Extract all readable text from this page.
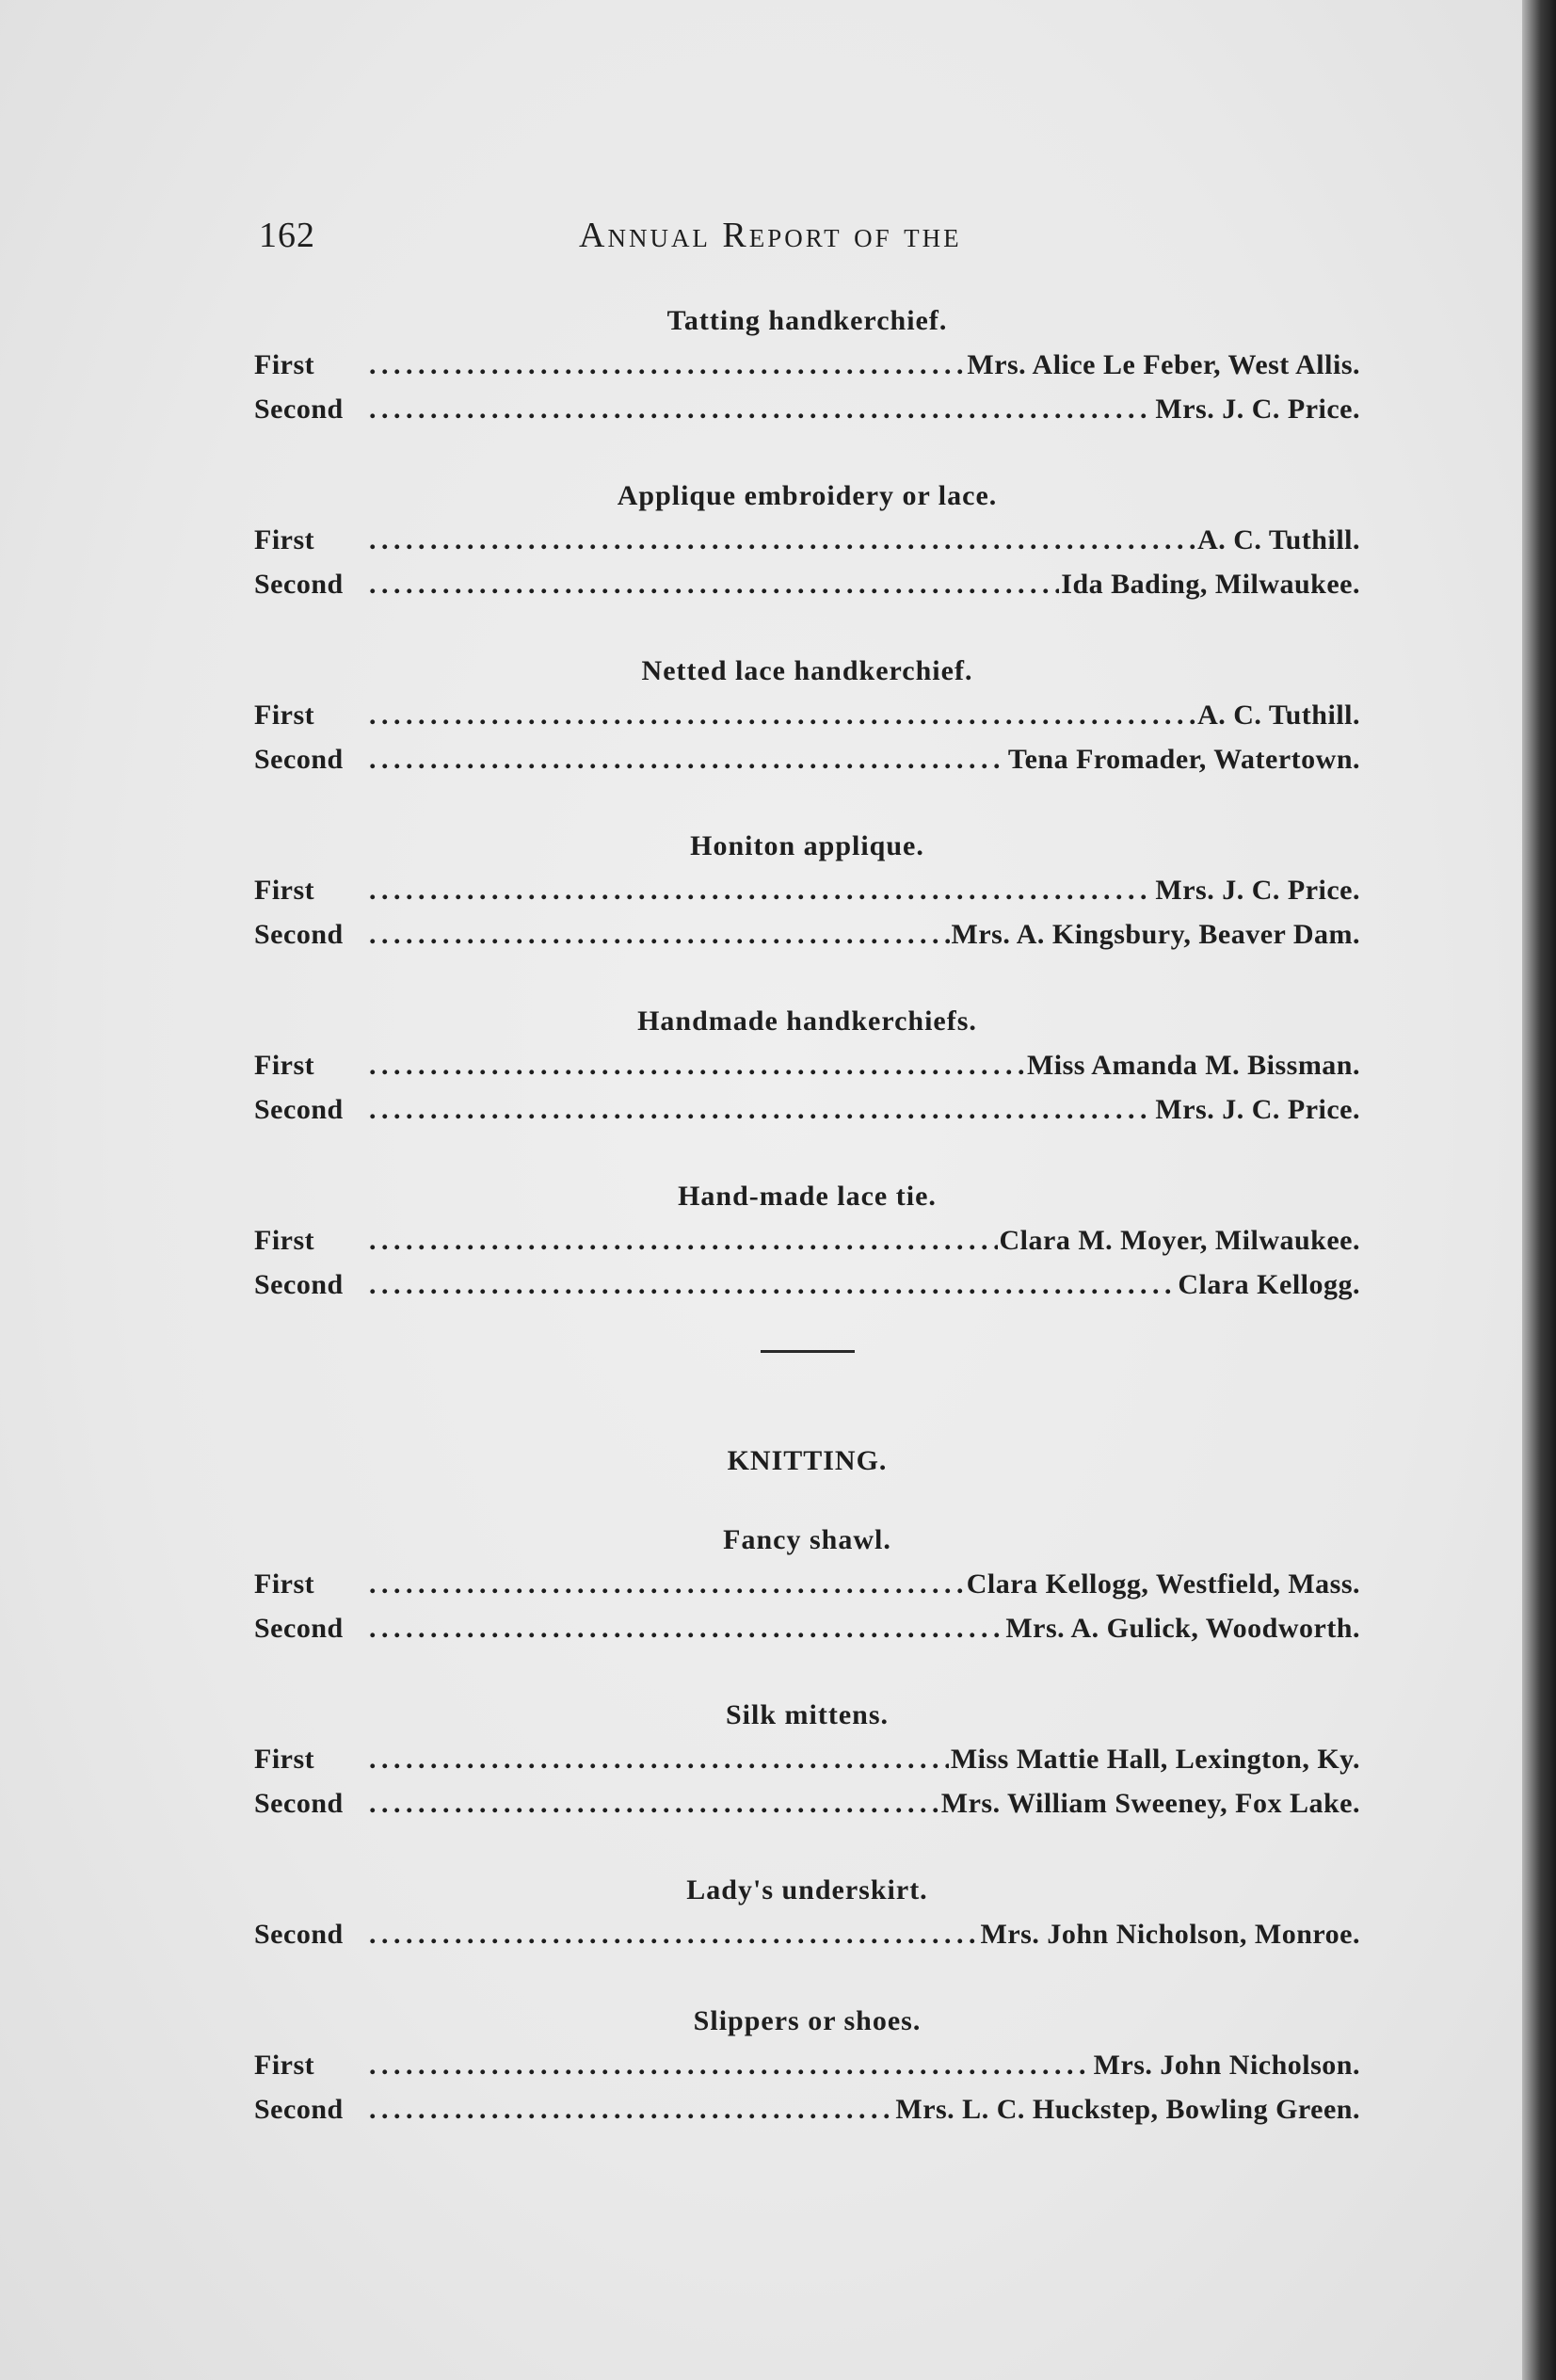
162	Annual Report of the
Tatting handkerchief.
First . . .	Mrs. Alice Le Feber, West Allis.
Second . . .	Mrs. J. C. Price.
Applique embroidery or lace.
First . . .	A. C. Tuthill.
Second . . .	Ida Bading, Milwaukee.
Netted lace handkerchief.
First . . .	A. C. Tuthill.
Second . . .	Tena Fromader, Watertown.
Honiton applique.
First . . .	Mrs. J. C. Price.
Second . . .	Mrs. A. Kingsbury, Beaver Dam.
Handmade handkerchiefs.
First . . .	Miss Amanda M. Bissman.
Second . . .	Mrs. J. C. Price.
Hand-made lace tie.
First . . .	Clara M. Moyer, Milwaukee.
Second . . .	Clara Kellogg.
KNITTING.
Fancy shawl.
First . . .	Clara Kellogg, Westfield, Mass.
Second . . .	Mrs. A. Gulick, Woodworth.
Silk mittens.
First . . .	Miss Mattie Hall, Lexington, Ky.
Second . . .	Mrs. William Sweeney, Fox Lake.
Lady's underskirt.
Second . . .	Mrs. John Nicholson, Monroe.
Slippers or shoes.
First . . .	Mrs. John Nicholson.
Second . . .	Mrs. L. C. Huckstep, Bowling Green.
